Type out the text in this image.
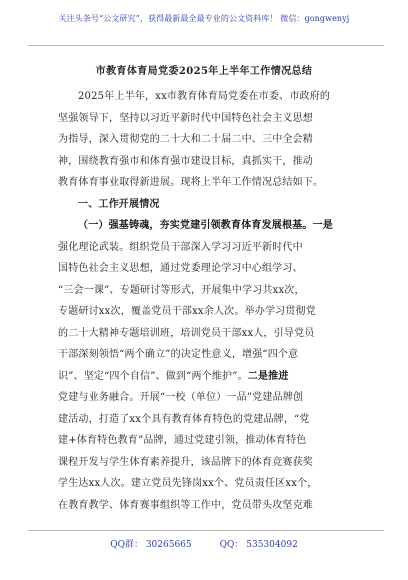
关注头条号“公文研究”，获得最新最全最专业的公文资料库！ 微信：gongwenyj
市教育体育局党委2025年上半年工作情况总结
2025年上半年，xx市教育体育局党委在市委、市政府的
坚强领导下，坚持以习近平新时代中国特色社会主义思想
为指导，深入贯彻党的二十大和二十届二中、三中全会精
神，围绕教育强市和体育强市建设目标，真抓实干，推动
教育体育事业取得新进展。现将上半年工作情况总结如下。
一、工作开展情况
（一）强基铸魂，夯实党建引领教育体育发展根基。一是
强化理论武装。组织党员干部深入学习习近平新时代中
国特色社会主义思想，通过党委理论学习中心组学习、
“三会一课”、专题研讨等形式，开展集中学习共xx次，
专题研讨xx次，覆盖党员干部xx余人次。举办学习贯彻党
的二十大精神专题培训班，培训党员干部xx人，引导党员
干部深刻领悟“两个确立”的决定性意义，增强“四个意
识”、坚定“四个自信”、做到“两个维护”。二是推进
党建与业务融合。开展“一校（单位）一品”党建品牌创
建活动，打造了xx个具有教育体育特色的党建品牌，“党
建+体育特色教育”品牌，通过党建引领，推动体育特色
课程开发与学生体育素养提升，该品牌下的体育竞赛获奖
学生达xx人次。建立党员先锋岗xx个、党员责任区xx个，
在教育教学、体育赛事组织等工作中，党员带头攻坚克难
QQ群： 30265665	QQ： 535304092
